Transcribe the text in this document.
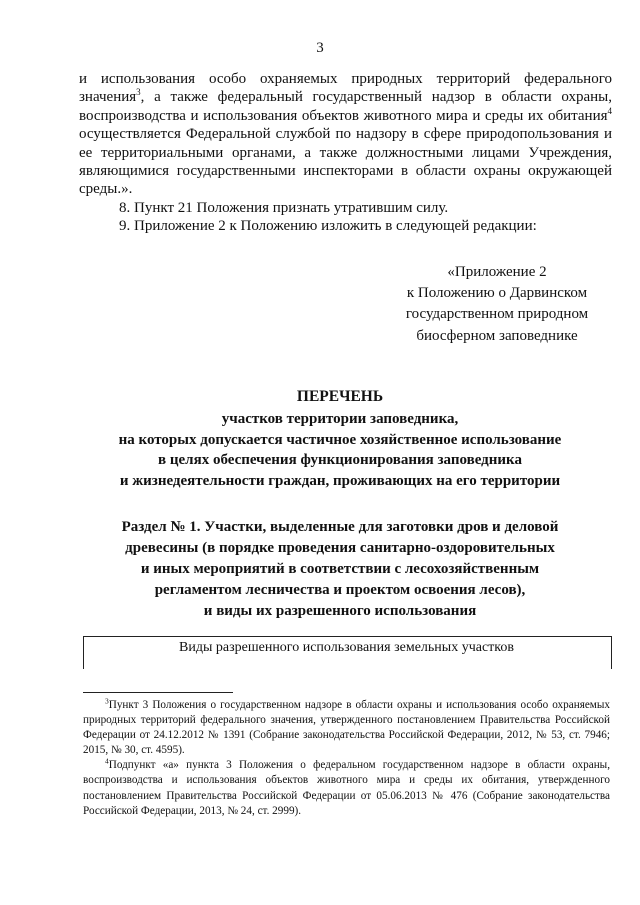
3

и использования особо охраняемых природных территорий федерального значения$^3$, а также федеральный государственный надзор в области охраны, воспроизводства и использования объектов животного мира и среды их обитания$^4$ осуществляется Федеральной службой по надзору в сфере природопользования и ее территориальными органами, а также должностными лицами Учреждения, являющимися государственными инспекторами в области охраны окружающей среды.».

8. Пункт 21 Положения признать утратившим силу.

9. Приложение 2 к Положению изложить в следующей редакции:

«Приложение 2
к Положению о Дарвинском
государственном природном
биосферном заповеднике
ПЕРЕЧЕНЬ
участков территории заповедника,
на которых допускается частичное хозяйственное использование
в целях обеспечения функционирования заповедника
и жизнедеятельности граждан, проживающих на его территории
Раздел № 1. Участки, выделенные для заготовки дров и деловой
древесины (в порядке проведения санитарно-оздоровительных
и иных мероприятий в соответствии с лесохозяйственным
регламентом лесничества и проектом освоения лесов),
и виды их разрешенного использования
Виды разрешенного использования земельных участков

$^3$Пункт 3 Положения о государственном надзоре в области охраны и использования особо охраняемых природных территорий федерального значения, утвержденного постановлением Правительства Российской Федерации от 24.12.2012 № 1391 (Собрание законодательства Российской Федерации, 2012, № 53, ст. 7946; 2015, № 30, ст. 4595).

$^4$Подпункт «а» пункта 3 Положения о федеральном государственном надзоре в области охраны, воспроизводства и использования объектов животного мира и среды их обитания, утвержденного постановлением Правительства Российской Федерации от 05.06.2013 № 476 (Собрание законодательства Российской Федерации, 2013, № 24, ст. 2999).
